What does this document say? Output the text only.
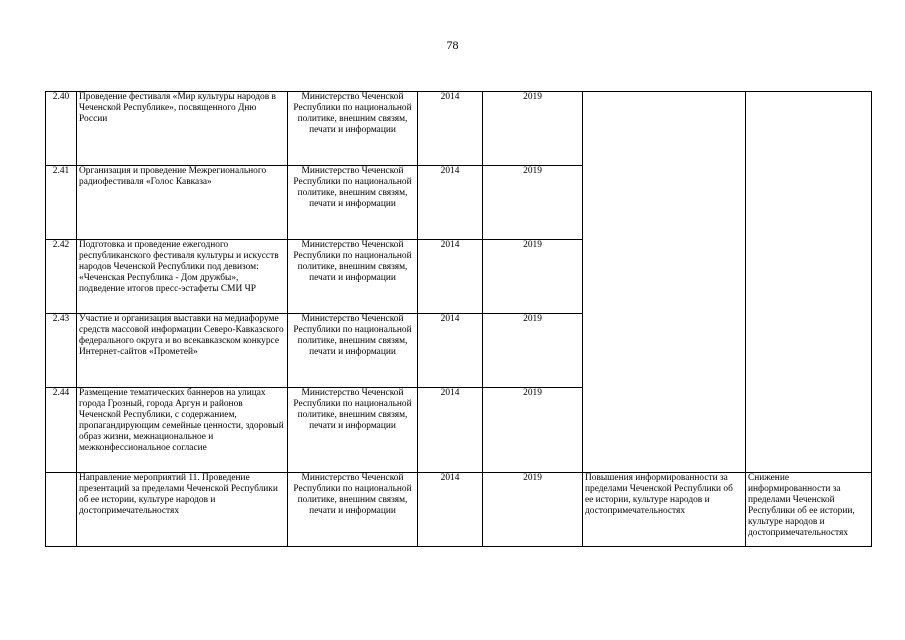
78
2.40	Проведение фестиваля «Мир культуры народов в Чеченской Республике», посвященного Дню России	Министерство Чеченской Республики по национальной политике, внешним связям, печати и информации	2014	2019		
2.41	Организация и проведение Межрегионального радиофестиваля «Голос Кавказа»	Министерство Чеченской Республики по национальной политике, внешним связям, печати и информации	2014	2019		
2.42	Подготовка и проведение ежегодного республиканского фестиваля культуры и искусств народов Чеченской Республики под девизом: «Чеченская Республика - Дом дружбы», подведение итогов пресс-эстафеты СМИ ЧР	Министерство Чеченской Республики по национальной политике, внешним связям, печати и информации	2014	2019		
2.43	Участие и организация выставки на медиафоруме средств массовой информации Северо-Кавказского федерального округа и во всекавказском конкурсе Интернет-сайтов «Прометей»	Министерство Чеченской Республики по национальной политике, внешним связям, печати и информации	2014	2019		
2.44	Размещение тематических баннеров на улицах города Грозный, города Аргун и районов Чеченской Республики, с содержанием, пропагандирующим семейные ценности, здоровый образ жизни, межнациональное и межконфессиональное согласие	Министерство Чеченской Республики по национальной политике, внешним связям, печати и информации	2014	2019		
	Направление мероприятий 11. Проведение презентаций за пределами Чеченской Республики об ее истории, культуре народов и достопримечательностях	Министерство Чеченской Республики по национальной политике, внешним связям, печати и информации	2014	2019	Повышения информированности за пределами Чеченской Республики об ее истории, культуре народов и достопримечательностях	Снижение информированности за пределами Чеченской Республики об ее истории, культуре народов и достопримечательностях
